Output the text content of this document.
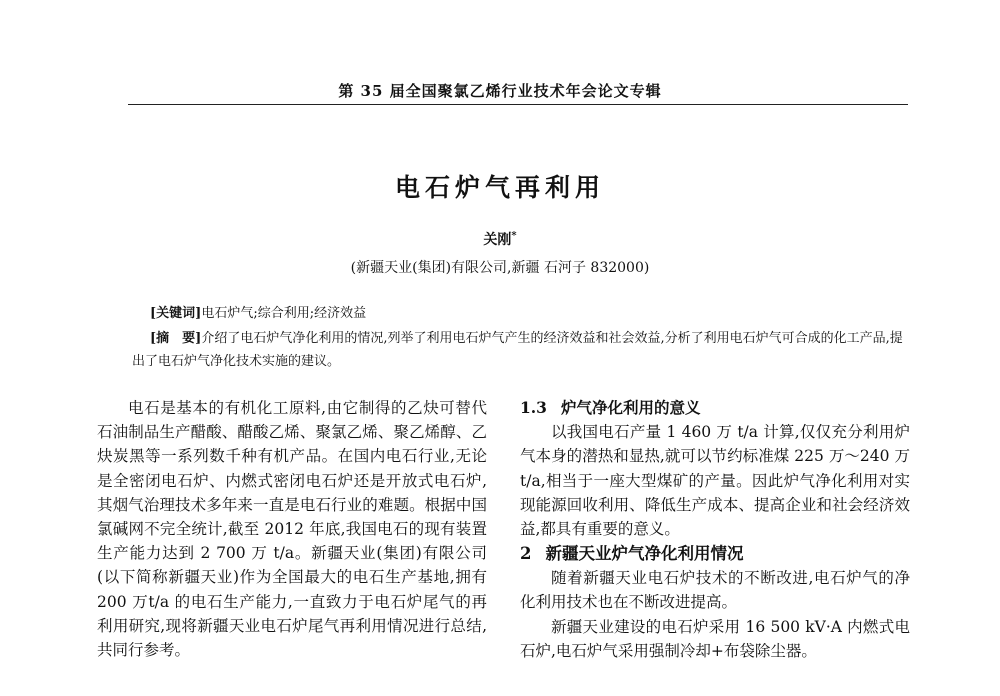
第 35 届全国聚氯乙烯行业技术年会论文专辑
电石炉气再利用
关刚*
(新疆天业(集团)有限公司,新疆 石河子 832000)
[关键词]电石炉气;综合利用;经济效益
[摘　要]介绍了电石炉气净化利用的情况,列举了利用电石炉气产生的经济效益和社会效益,分析了利用电石炉气可合成的化工产品,提出了电石炉气净化技术实施的建议。

电石是基本的有机化工原料,由它制得的乙炔可替代石油制品生产醋酸、醋酸乙烯、聚氯乙烯、聚乙烯醇、乙炔炭黑等一系列数千种有机产品。在国内电石行业,无论是全密闭电石炉、内燃式密闭电石炉还是开放式电石炉,其烟气治理技术多年来一直是电石行业的难题。根据中国氯碱网不完全统计,截至 2012 年底,我国电石的现有装置生产能力达到 2 700 万 t/a。新疆天业(集团)有限公司(以下简称新疆天业)作为全国最大的电石生产基地,拥有 200 万t/a 的电石生产能力,一直致力于电石炉尾气的再利用研究,现将新疆天业电石炉尾气再利用情况进行总结,共同行参考。

1.3 炉气净化利用的意义

以我国电石产量 1 460 万 t/a 计算,仅仅充分利用炉气本身的潜热和显热,就可以节约标准煤 225 万～240 万 t/a,相当于一座大型煤矿的产量。因此炉气净化利用对实现能源回收利用、降低生产成本、提高企业和社会经济效益,都具有重要的意义。

2 新疆天业炉气净化利用情况

随着新疆天业电石炉技术的不断改进,电石炉气的净化利用技术也在不断改进提高。

新疆天业建设的电石炉采用 16 500 kV·A 内燃式电石炉,电石炉气采用强制冷却+布袋除尘器。
